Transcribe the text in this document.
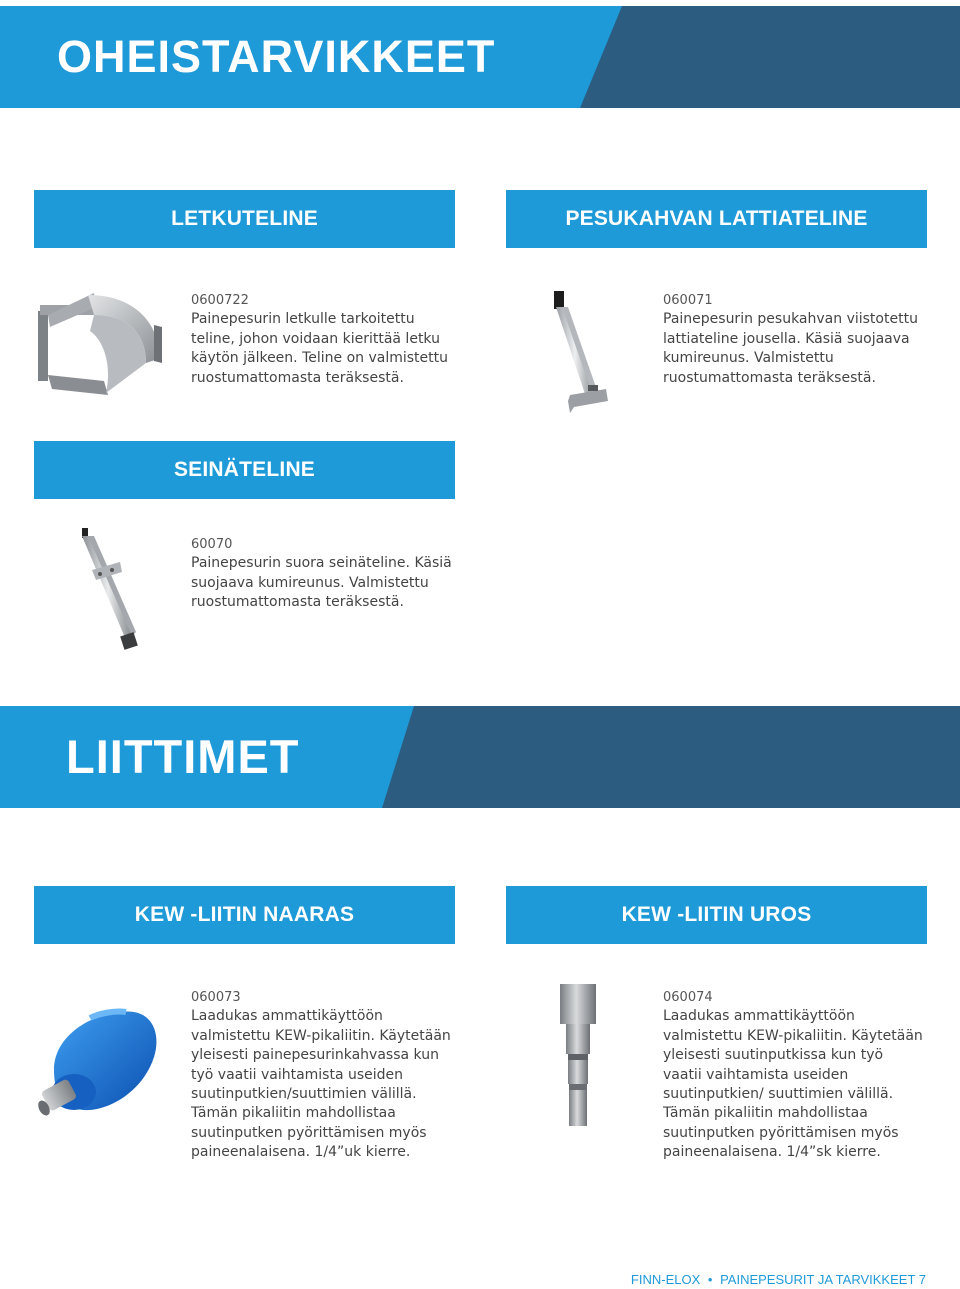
OHEISTARVIKKEET
LETKUTELINE	PESUKAHVAN LATTIATELINE
0600722
Painepesurin letkulle tarkoitettu teline, johon voidaan kierittää letku käytön jälkeen. Teline on valmistettu ruostumattomasta teräksestä.
060071
Painepesurin pesukahvan viistotettu lattiateline jousella. Käsiä suojaava kumireunus. Valmistettu ruostumattomasta teräksestä.
SEINÄTELINE
60070
Painepesurin suora seinäteline. Käsiä suojaava kumireunus. Valmistettu ruostumattomasta teräksestä.
LIITTIMET
KEW -LIITIN NAARAS	KEW -LIITIN UROS
060073
Laadukas ammattikäyttöön valmistettu KEW-pikaliitin. Käytetään yleisesti painepesurinkahvassa kun työ vaatii vaihtamista useiden suutinputkien/suuttimien välillä. Tämän pikaliitin mahdollistaa suutinputken pyörittämisen myös paineenalaisena. 1/4”uk kierre.
060074
Laadukas ammattikäyttöön valmistettu KEW-pikaliitin. Käytetään yleisesti suutinputkissa kun työ vaatii vaihtamista useiden suutinputkien/ suuttimien välillä. Tämän pikaliitin mahdollistaa suutinputken pyörittämisen myös paineenalaisena. 1/4”sk kierre.
FINN-ELOX • PAINEPESURIT JA TARVIKKEET 7
